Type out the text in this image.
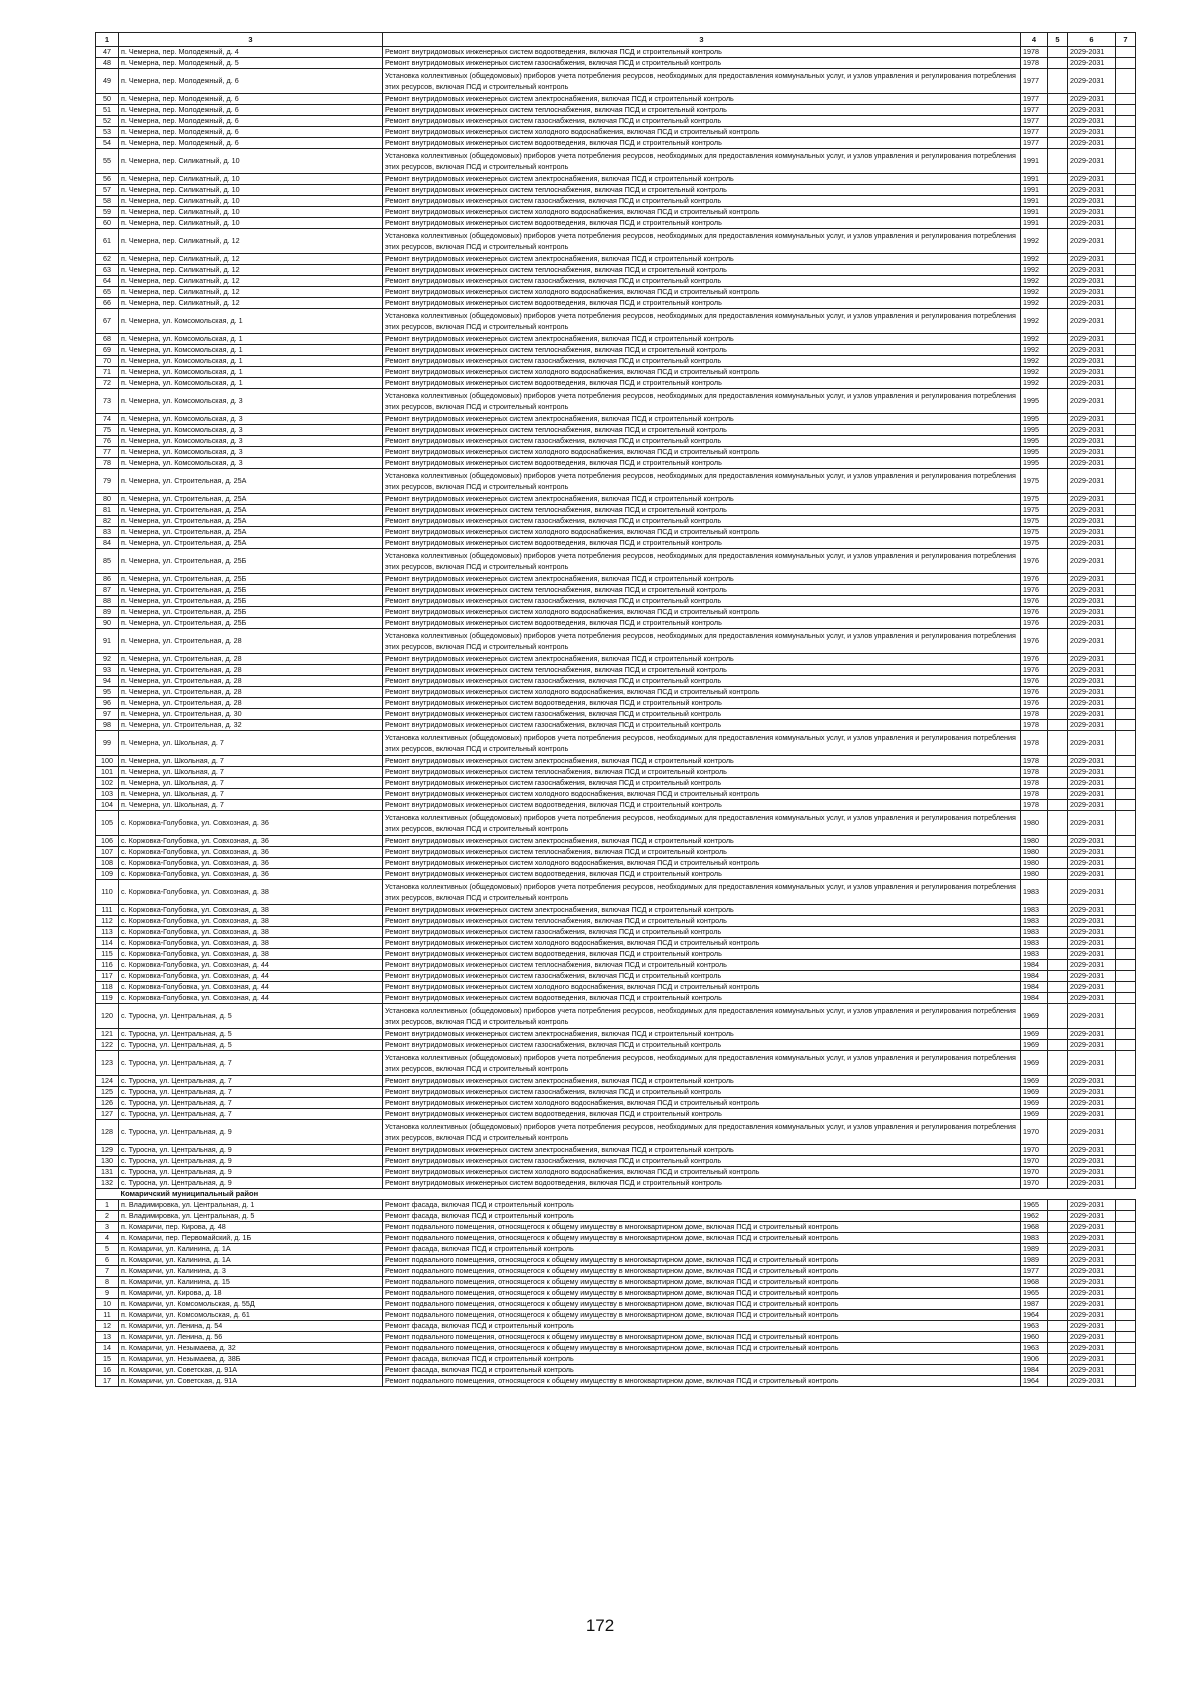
1	3	3	4	5	6	7
47	п. Чемерна, пер. Молодежный, д. 4	Ремонт внутридомовых инженерных систем водоотведения, включая ПСД и строительный контроль	1978		2029-2031	
48	п. Чемерна, пер. Молодежный, д. 5	Ремонт внутридомовых инженерных систем газоснабжения, включая ПСД и строительный контроль	1978		2029-2031	
49	п. Чемерна, пер. Молодежный, д. 6	Установка коллективных (общедомовых) приборов учета потребления ресурсов, необходимых для предоставления коммунальных услуг, и узлов управления и регулирования потребления этих ресурсов, включая ПСД и строительный контроль	1977		2029-2031	
50	п. Чемерна, пер. Молодежный, д. 6	Ремонт внутридомовых инженерных систем электроснабжения, включая ПСД и строительный контроль	1977		2029-2031	
51	п. Чемерна, пер. Молодежный, д. 6	Ремонт внутридомовых инженерных систем теплоснабжения, включая ПСД и строительный контроль	1977		2029-2031	
52	п. Чемерна, пер. Молодежный, д. 6	Ремонт внутридомовых инженерных систем газоснабжения, включая ПСД и строительный контроль	1977		2029-2031	
53	п. Чемерна, пер. Молодежный, д. 6	Ремонт внутридомовых инженерных систем холодного водоснабжения, включая ПСД и строительный контроль	1977		2029-2031	
54	п. Чемерна, пер. Молодежный, д. 6	Ремонт внутридомовых инженерных систем водоотведения, включая ПСД и строительный контроль	1977		2029-2031	
55	п. Чемерна, пер. Силикатный, д. 10	Установка коллективных (общедомовых) приборов учета потребления ресурсов, необходимых для предоставления коммунальных услуг, и узлов управления и регулирования потребления этих ресурсов, включая ПСД и строительный контроль	1991		2029-2031	
56	п. Чемерна, пер. Силикатный, д. 10	Ремонт внутридомовых инженерных систем электроснабжения, включая ПСД и строительный контроль	1991		2029-2031	
57	п. Чемерна, пер. Силикатный, д. 10	Ремонт внутридомовых инженерных систем теплоснабжения, включая ПСД и строительный контроль	1991		2029-2031	
58	п. Чемерна, пер. Силикатный, д. 10	Ремонт внутридомовых инженерных систем газоснабжения, включая ПСД и строительный контроль	1991		2029-2031	
59	п. Чемерна, пер. Силикатный, д. 10	Ремонт внутридомовых инженерных систем холодного водоснабжения, включая ПСД и строительный контроль	1991		2029-2031	
60	п. Чемерна, пер. Силикатный, д. 10	Ремонт внутридомовых инженерных систем водоотведения, включая ПСД и строительный контроль	1991		2029-2031	
61	п. Чемерна, пер. Силикатный, д. 12	Установка коллективных (общедомовых) приборов учета потребления ресурсов, необходимых для предоставления коммунальных услуг, и узлов управления и регулирования потребления этих ресурсов, включая ПСД и строительный контроль	1992		2029-2031	
62	п. Чемерна, пер. Силикатный, д. 12	Ремонт внутридомовых инженерных систем электроснабжения, включая ПСД и строительный контроль	1992		2029-2031	
63	п. Чемерна, пер. Силикатный, д. 12	Ремонт внутридомовых инженерных систем теплоснабжения, включая ПСД и строительный контроль	1992		2029-2031	
64	п. Чемерна, пер. Силикатный, д. 12	Ремонт внутридомовых инженерных систем газоснабжения, включая ПСД и строительный контроль	1992		2029-2031	
65	п. Чемерна, пер. Силикатный, д. 12	Ремонт внутридомовых инженерных систем холодного водоснабжения, включая ПСД и строительный контроль	1992		2029-2031	
66	п. Чемерна, пер. Силикатный, д. 12	Ремонт внутридомовых инженерных систем водоотведения, включая ПСД и строительный контроль	1992		2029-2031	
67	п. Чемерна, ул. Комсомольская, д. 1	Установка коллективных (общедомовых) приборов учета потребления ресурсов, необходимых для предоставления коммунальных услуг, и узлов управления и регулирования потребления этих ресурсов, включая ПСД и строительный контроль	1992		2029-2031	
68	п. Чемерна, ул. Комсомольская, д. 1	Ремонт внутридомовых инженерных систем электроснабжения, включая ПСД и строительный контроль	1992		2029-2031	
69	п. Чемерна, ул. Комсомольская, д. 1	Ремонт внутридомовых инженерных систем теплоснабжения, включая ПСД и строительный контроль	1992		2029-2031	
70	п. Чемерна, ул. Комсомольская, д. 1	Ремонт внутридомовых инженерных систем газоснабжения, включая ПСД и строительный контроль	1992		2029-2031	
71	п. Чемерна, ул. Комсомольская, д. 1	Ремонт внутридомовых инженерных систем холодного водоснабжения, включая ПСД и строительный контроль	1992		2029-2031	
72	п. Чемерна, ул. Комсомольская, д. 1	Ремонт внутридомовых инженерных систем водоотведения, включая ПСД и строительный контроль	1992		2029-2031	
73	п. Чемерна, ул. Комсомольская, д. 3	Установка коллективных (общедомовых) приборов учета потребления ресурсов, необходимых для предоставления коммунальных услуг, и узлов управления и регулирования потребления этих ресурсов, включая ПСД и строительный контроль	1995		2029-2031	
74	п. Чемерна, ул. Комсомольская, д. 3	Ремонт внутридомовых инженерных систем электроснабжения, включая ПСД и строительный контроль	1995		2029-2031	
75	п. Чемерна, ул. Комсомольская, д. 3	Ремонт внутридомовых инженерных систем теплоснабжения, включая ПСД и строительный контроль	1995		2029-2031	
76	п. Чемерна, ул. Комсомольская, д. 3	Ремонт внутридомовых инженерных систем газоснабжения, включая ПСД и строительный контроль	1995		2029-2031	
77	п. Чемерна, ул. Комсомольская, д. 3	Ремонт внутридомовых инженерных систем холодного водоснабжения, включая ПСД и строительный контроль	1995		2029-2031	
78	п. Чемерна, ул. Комсомольская, д. 3	Ремонт внутридомовых инженерных систем водоотведения, включая ПСД и строительный контроль	1995		2029-2031	
79	п. Чемерна, ул. Строительная, д. 25А	Установка коллективных (общедомовых) приборов учета потребления ресурсов, необходимых для предоставления коммунальных услуг, и узлов управления и регулирования потребления этих ресурсов, включая ПСД и строительный контроль	1975		2029-2031	
80	п. Чемерна, ул. Строительная, д. 25А	Ремонт внутридомовых инженерных систем электроснабжения, включая ПСД и строительный контроль	1975		2029-2031	
81	п. Чемерна, ул. Строительная, д. 25А	Ремонт внутридомовых инженерных систем теплоснабжения, включая ПСД и строительный контроль	1975		2029-2031	
82	п. Чемерна, ул. Строительная, д. 25А	Ремонт внутридомовых инженерных систем газоснабжения, включая ПСД и строительный контроль	1975		2029-2031	
83	п. Чемерна, ул. Строительная, д. 25А	Ремонт внутридомовых инженерных систем холодного водоснабжения, включая ПСД и строительный контроль	1975		2029-2031	
84	п. Чемерна, ул. Строительная, д. 25А	Ремонт внутридомовых инженерных систем водоотведения, включая ПСД и строительный контроль	1975		2029-2031	
85	п. Чемерна, ул. Строительная, д. 25Б	Установка коллективных (общедомовых) приборов учета потребления ресурсов, необходимых для предоставления коммунальных услуг, и узлов управления и регулирования потребления этих ресурсов, включая ПСД и строительный контроль	1976		2029-2031	
86	п. Чемерна, ул. Строительная, д. 25Б	Ремонт внутридомовых инженерных систем электроснабжения, включая ПСД и строительный контроль	1976		2029-2031	
87	п. Чемерна, ул. Строительная, д. 25Б	Ремонт внутридомовых инженерных систем теплоснабжения, включая ПСД и строительный контроль	1976		2029-2031	
88	п. Чемерна, ул. Строительная, д. 25Б	Ремонт внутридомовых инженерных систем газоснабжения, включая ПСД и строительный контроль	1976		2029-2031	
89	п. Чемерна, ул. Строительная, д. 25Б	Ремонт внутридомовых инженерных систем холодного водоснабжения, включая ПСД и строительный контроль	1976		2029-2031	
90	п. Чемерна, ул. Строительная, д. 25Б	Ремонт внутридомовых инженерных систем водоотведения, включая ПСД и строительный контроль	1976		2029-2031	
91	п. Чемерна, ул. Строительная, д. 28	Установка коллективных (общедомовых) приборов учета потребления ресурсов, необходимых для предоставления коммунальных услуг, и узлов управления и регулирования потребления этих ресурсов, включая ПСД и строительный контроль	1976		2029-2031	
92	п. Чемерна, ул. Строительная, д. 28	Ремонт внутридомовых инженерных систем электроснабжения, включая ПСД и строительный контроль	1976		2029-2031	
93	п. Чемерна, ул. Строительная, д. 28	Ремонт внутридомовых инженерных систем теплоснабжения, включая ПСД и строительный контроль	1976		2029-2031	
94	п. Чемерна, ул. Строительная, д. 28	Ремонт внутридомовых инженерных систем газоснабжения, включая ПСД и строительный контроль	1976		2029-2031	
95	п. Чемерна, ул. Строительная, д. 28	Ремонт внутридомовых инженерных систем холодного водоснабжения, включая ПСД и строительный контроль	1976		2029-2031	
96	п. Чемерна, ул. Строительная, д. 28	Ремонт внутридомовых инженерных систем водоотведения, включая ПСД и строительный контроль	1976		2029-2031	
97	п. Чемерна, ул. Строительная, д. 30	Ремонт внутридомовых инженерных систем газоснабжения, включая ПСД и строительный контроль	1978		2029-2031	
98	п. Чемерна, ул. Строительная, д. 32	Ремонт внутридомовых инженерных систем газоснабжения, включая ПСД и строительный контроль	1978		2029-2031	
99	п. Чемерна, ул. Школьная, д. 7	Установка коллективных (общедомовых) приборов учета потребления ресурсов, необходимых для предоставления коммунальных услуг, и узлов управления и регулирования потребления этих ресурсов, включая ПСД и строительный контроль	1978		2029-2031	
100	п. Чемерна, ул. Школьная, д. 7	Ремонт внутридомовых инженерных систем электроснабжения, включая ПСД и строительный контроль	1978		2029-2031	
101	п. Чемерна, ул. Школьная, д. 7	Ремонт внутридомовых инженерных систем теплоснабжения, включая ПСД и строительный контроль	1978		2029-2031	
102	п. Чемерна, ул. Школьная, д. 7	Ремонт внутридомовых инженерных систем газоснабжения, включая ПСД и строительный контроль	1978		2029-2031	
103	п. Чемерна, ул. Школьная, д. 7	Ремонт внутридомовых инженерных систем холодного водоснабжения, включая ПСД и строительный контроль	1978		2029-2031	
104	п. Чемерна, ул. Школьная, д. 7	Ремонт внутридомовых инженерных систем водоотведения, включая ПСД и строительный контроль	1978		2029-2031	
105	с. Коржовка-Голубовка, ул. Совхозная, д. 36	Установка коллективных (общедомовых) приборов учета потребления ресурсов, необходимых для предоставления коммунальных услуг, и узлов управления и регулирования потребления этих ресурсов, включая ПСД и строительный контроль	1980		2029-2031	
106	с. Коржовка-Голубовка, ул. Совхозная, д. 36	Ремонт внутридомовых инженерных систем электроснабжения, включая ПСД и строительный контроль	1980		2029-2031	
107	с. Коржовка-Голубовка, ул. Совхозная, д. 36	Ремонт внутридомовых инженерных систем теплоснабжения, включая ПСД и строительный контроль	1980		2029-2031	
108	с. Коржовка-Голубовка, ул. Совхозная, д. 36	Ремонт внутридомовых инженерных систем холодного водоснабжения, включая ПСД и строительный контроль	1980		2029-2031	
109	с. Коржовка-Голубовка, ул. Совхозная, д. 36	Ремонт внутридомовых инженерных систем водоотведения, включая ПСД и строительный контроль	1980		2029-2031	
110	с. Коржовка-Голубовка, ул. Совхозная, д. 38	Установка коллективных (общедомовых) приборов учета потребления ресурсов, необходимых для предоставления коммунальных услуг, и узлов управления и регулирования потребления этих ресурсов, включая ПСД и строительный контроль	1983		2029-2031	
111	с. Коржовка-Голубовка, ул. Совхозная, д. 38	Ремонт внутридомовых инженерных систем электроснабжения, включая ПСД и строительный контроль	1983		2029-2031	
112	с. Коржовка-Голубовка, ул. Совхозная, д. 38	Ремонт внутридомовых инженерных систем теплоснабжения, включая ПСД и строительный контроль	1983		2029-2031	
113	с. Коржовка-Голубовка, ул. Совхозная, д. 38	Ремонт внутридомовых инженерных систем газоснабжения, включая ПСД и строительный контроль	1983		2029-2031	
114	с. Коржовка-Голубовка, ул. Совхозная, д. 38	Ремонт внутридомовых инженерных систем холодного водоснабжения, включая ПСД и строительный контроль	1983		2029-2031	
115	с. Коржовка-Голубовка, ул. Совхозная, д. 38	Ремонт внутридомовых инженерных систем водоотведения, включая ПСД и строительный контроль	1983		2029-2031	
116	с. Коржовка-Голубовка, ул. Совхозная, д. 44	Ремонт внутридомовых инженерных систем теплоснабжения, включая ПСД и строительный контроль	1984		2029-2031	
117	с. Коржовка-Голубовка, ул. Совхозная, д. 44	Ремонт внутридомовых инженерных систем газоснабжения, включая ПСД и строительный контроль	1984		2029-2031	
118	с. Коржовка-Голубовка, ул. Совхозная, д. 44	Ремонт внутридомовых инженерных систем холодного водоснабжения, включая ПСД и строительный контроль	1984		2029-2031	
119	с. Коржовка-Голубовка, ул. Совхозная, д. 44	Ремонт внутридомовых инженерных систем водоотведения, включая ПСД и строительный контроль	1984		2029-2031	
120	с. Туросна, ул. Центральная, д. 5	Установка коллективных (общедомовых) приборов учета потребления ресурсов, необходимых для предоставления коммунальных услуг, и узлов управления и регулирования потребления этих ресурсов, включая ПСД и строительный контроль	1969		2029-2031	
121	с. Туросна, ул. Центральная, д. 5	Ремонт внутридомовых инженерных систем электроснабжения, включая ПСД и строительный контроль	1969		2029-2031	
122	с. Туросна, ул. Центральная, д. 5	Ремонт внутридомовых инженерных систем газоснабжения, включая ПСД и строительный контроль	1969		2029-2031	
123	с. Туросна, ул. Центральная, д. 7	Установка коллективных (общедомовых) приборов учета потребления ресурсов, необходимых для предоставления коммунальных услуг, и узлов управления и регулирования потребления этих ресурсов, включая ПСД и строительный контроль	1969		2029-2031	
124	с. Туросна, ул. Центральная, д. 7	Ремонт внутридомовых инженерных систем электроснабжения, включая ПСД и строительный контроль	1969		2029-2031	
125	с. Туросна, ул. Центральная, д. 7	Ремонт внутридомовых инженерных систем газоснабжения, включая ПСД и строительный контроль	1969		2029-2031	
126	с. Туросна, ул. Центральная, д. 7	Ремонт внутридомовых инженерных систем холодного водоснабжения, включая ПСД и строительный контроль	1969		2029-2031	
127	с. Туросна, ул. Центральная, д. 7	Ремонт внутридомовых инженерных систем водоотведения, включая ПСД и строительный контроль	1969		2029-2031	
128	с. Туросна, ул. Центральная, д. 9	Установка коллективных (общедомовых) приборов учета потребления ресурсов, необходимых для предоставления коммунальных услуг, и узлов управления и регулирования потребления этих ресурсов, включая ПСД и строительный контроль	1970		2029-2031	
129	с. Туросна, ул. Центральная, д. 9	Ремонт внутридомовых инженерных систем электроснабжения, включая ПСД и строительный контроль	1970		2029-2031	
130	с. Туросна, ул. Центральная, д. 9	Ремонт внутридомовых инженерных систем газоснабжения, включая ПСД и строительный контроль	1970		2029-2031	
131	с. Туросна, ул. Центральная, д. 9	Ремонт внутридомовых инженерных систем холодного водоснабжения, включая ПСД и строительный контроль	1970		2029-2031	
132	с. Туросна, ул. Центральная, д. 9	Ремонт внутридомовых инженерных систем водоотведения, включая ПСД и строительный контроль	1970		2029-2031	
	Комаричский муниципальный район					
1	п. Владимировка, ул. Центральная, д. 1	Ремонт фасада, включая ПСД и строительный контроль	1965		2029-2031	
2	п. Владимировка, ул. Центральная, д. 5	Ремонт фасада, включая ПСД и строительный контроль	1962		2029-2031	
3	п. Комаричи, пер. Кирова, д. 48	Ремонт подвального помещения, относящегося к общему имуществу в многоквартирном доме, включая ПСД и строительный контроль	1968		2029-2031	
4	п. Комаричи, пер. Первомайский, д. 1Б	Ремонт подвального помещения, относящегося к общему имуществу в многоквартирном доме, включая ПСД и строительный контроль	1983		2029-2031	
5	п. Комаричи, ул. Калинина, д. 1А	Ремонт фасада, включая ПСД и строительный контроль	1989		2029-2031	
6	п. Комаричи, ул. Калинина, д. 1А	Ремонт подвального помещения, относящегося к общему имуществу в многоквартирном доме, включая ПСД и строительный контроль	1989		2029-2031	
7	п. Комаричи, ул. Калинина, д. 3	Ремонт подвального помещения, относящегося к общему имуществу в многоквартирном доме, включая ПСД и строительный контроль	1977		2029-2031	
8	п. Комаричи, ул. Калинина, д. 15	Ремонт подвального помещения, относящегося к общему имуществу в многоквартирном доме, включая ПСД и строительный контроль	1968		2029-2031	
9	п. Комаричи, ул. Кирова, д. 18	Ремонт подвального помещения, относящегося к общему имуществу в многоквартирном доме, включая ПСД и строительный контроль	1965		2029-2031	
10	п. Комаричи, ул. Комсомольская, д. 55Д	Ремонт подвального помещения, относящегося к общему имуществу в многоквартирном доме, включая ПСД и строительный контроль	1987		2029-2031	
11	п. Комаричи, ул. Комсомольская, д. 61	Ремонт подвального помещения, относящегося к общему имуществу в многоквартирном доме, включая ПСД и строительный контроль	1964		2029-2031	
12	п. Комаричи, ул. Ленина, д. 54	Ремонт фасада, включая ПСД и строительный контроль	1963		2029-2031	
13	п. Комаричи, ул. Ленина, д. 56	Ремонт подвального помещения, относящегося к общему имуществу в многоквартирном доме, включая ПСД и строительный контроль	1960		2029-2031	
14	п. Комаричи, ул. Незымаева, д. 32	Ремонт подвального помещения, относящегося к общему имуществу в многоквартирном доме, включая ПСД и строительный контроль	1963		2029-2031	
15	п. Комаричи, ул. Незымаева, д. 38Б	Ремонт фасада, включая ПСД и строительный контроль	1906		2029-2031	
16	п. Комаричи, ул. Советская, д. 91А	Ремонт фасада, включая ПСД и строительный контроль	1984		2029-2031	
17	п. Комаричи, ул. Советская, д. 91А	Ремонт подвального помещения, относящегося к общему имуществу в многоквартирном доме, включая ПСД и строительный контроль	1964		2029-2031	
172
